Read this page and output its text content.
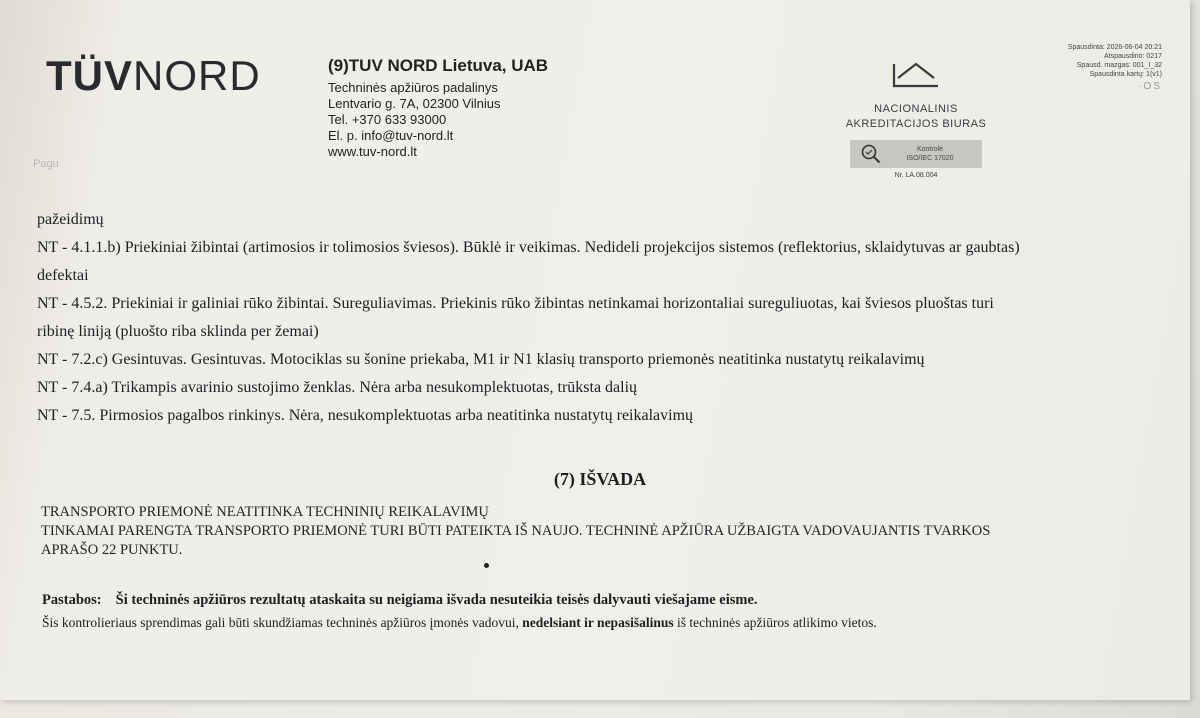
TÜVNORD	(9)TUV NORD Lietuva, UAB
Techninės apžiūros padalinys
Lentvario g. 7A, 02300 Vilnius
Tel. +370 633 93000
El. p. info@tuv-nord.lt
www.tuv-nord.lt
Pagu
NACIONALINIS
AKREDITACIJOS BIURAS
Kontrolė
ISO/IEC 17020
Nr. LA.08.004
Spausdinta: 2026-06-04 20:21
Atspausdino: 0217
Spausd. mazgas: 001_I_32
Spausdinta kartų: 1(v1)
·OS

pažeidimų

NT - 4.1.1.b) Priekiniai žibintai (artimosios ir tolimosios šviesos). Būklė ir veikimas. Nedideli projekcijos sistemos (reflektorius, sklaidytuvas ar gaubtas)

defektai

NT - 4.5.2. Priekiniai ir galiniai rūko žibintai. Sureguliavimas. Priekinis rūko žibintas netinkamai horizontaliai sureguliuotas, kai šviesos pluoštas turi

ribinę liniją (pluošto riba sklinda per žemai)

NT - 7.2.c) Gesintuvas. Gesintuvas. Motociklas su šonine priekaba, M1 ir N1 klasių transporto priemonės neatitinka nustatytų reikalavimų

NT - 7.4.a) Trikampis avarinio sustojimo ženklas. Nėra arba nesukomplektuotas, trūksta dalių

NT - 7.5. Pirmosios pagalbos rinkinys. Nėra, nesukomplektuotas arba neatitinka nustatytų reikalavimų

(7) IŠVADA

TRANSPORTO PRIEMONĖ NEATITINKA TECHNINIŲ REIKALAVIMŲ

TINKAMAI PARENGTA TRANSPORTO PRIEMONĖ TURI BŪTI PATEIKTA IŠ NAUJO. TECHNINĖ APŽIŪRA UŽBAIGTA VADOVAUJANTIS TVARKOS

APRAŠO 22 PUNKTU.

Pastabos: Ši techninės apžiūros rezultatų ataskaita su neigiama išvada nesuteikia teisės dalyvauti viešajame eisme.
Šis kontrolieriaus sprendimas gali būti skundžiamas techninės apžiūros įmonės vadovui, nedelsiant ir nepasišalinus iš techninės apžiūros atlikimo vietos.
